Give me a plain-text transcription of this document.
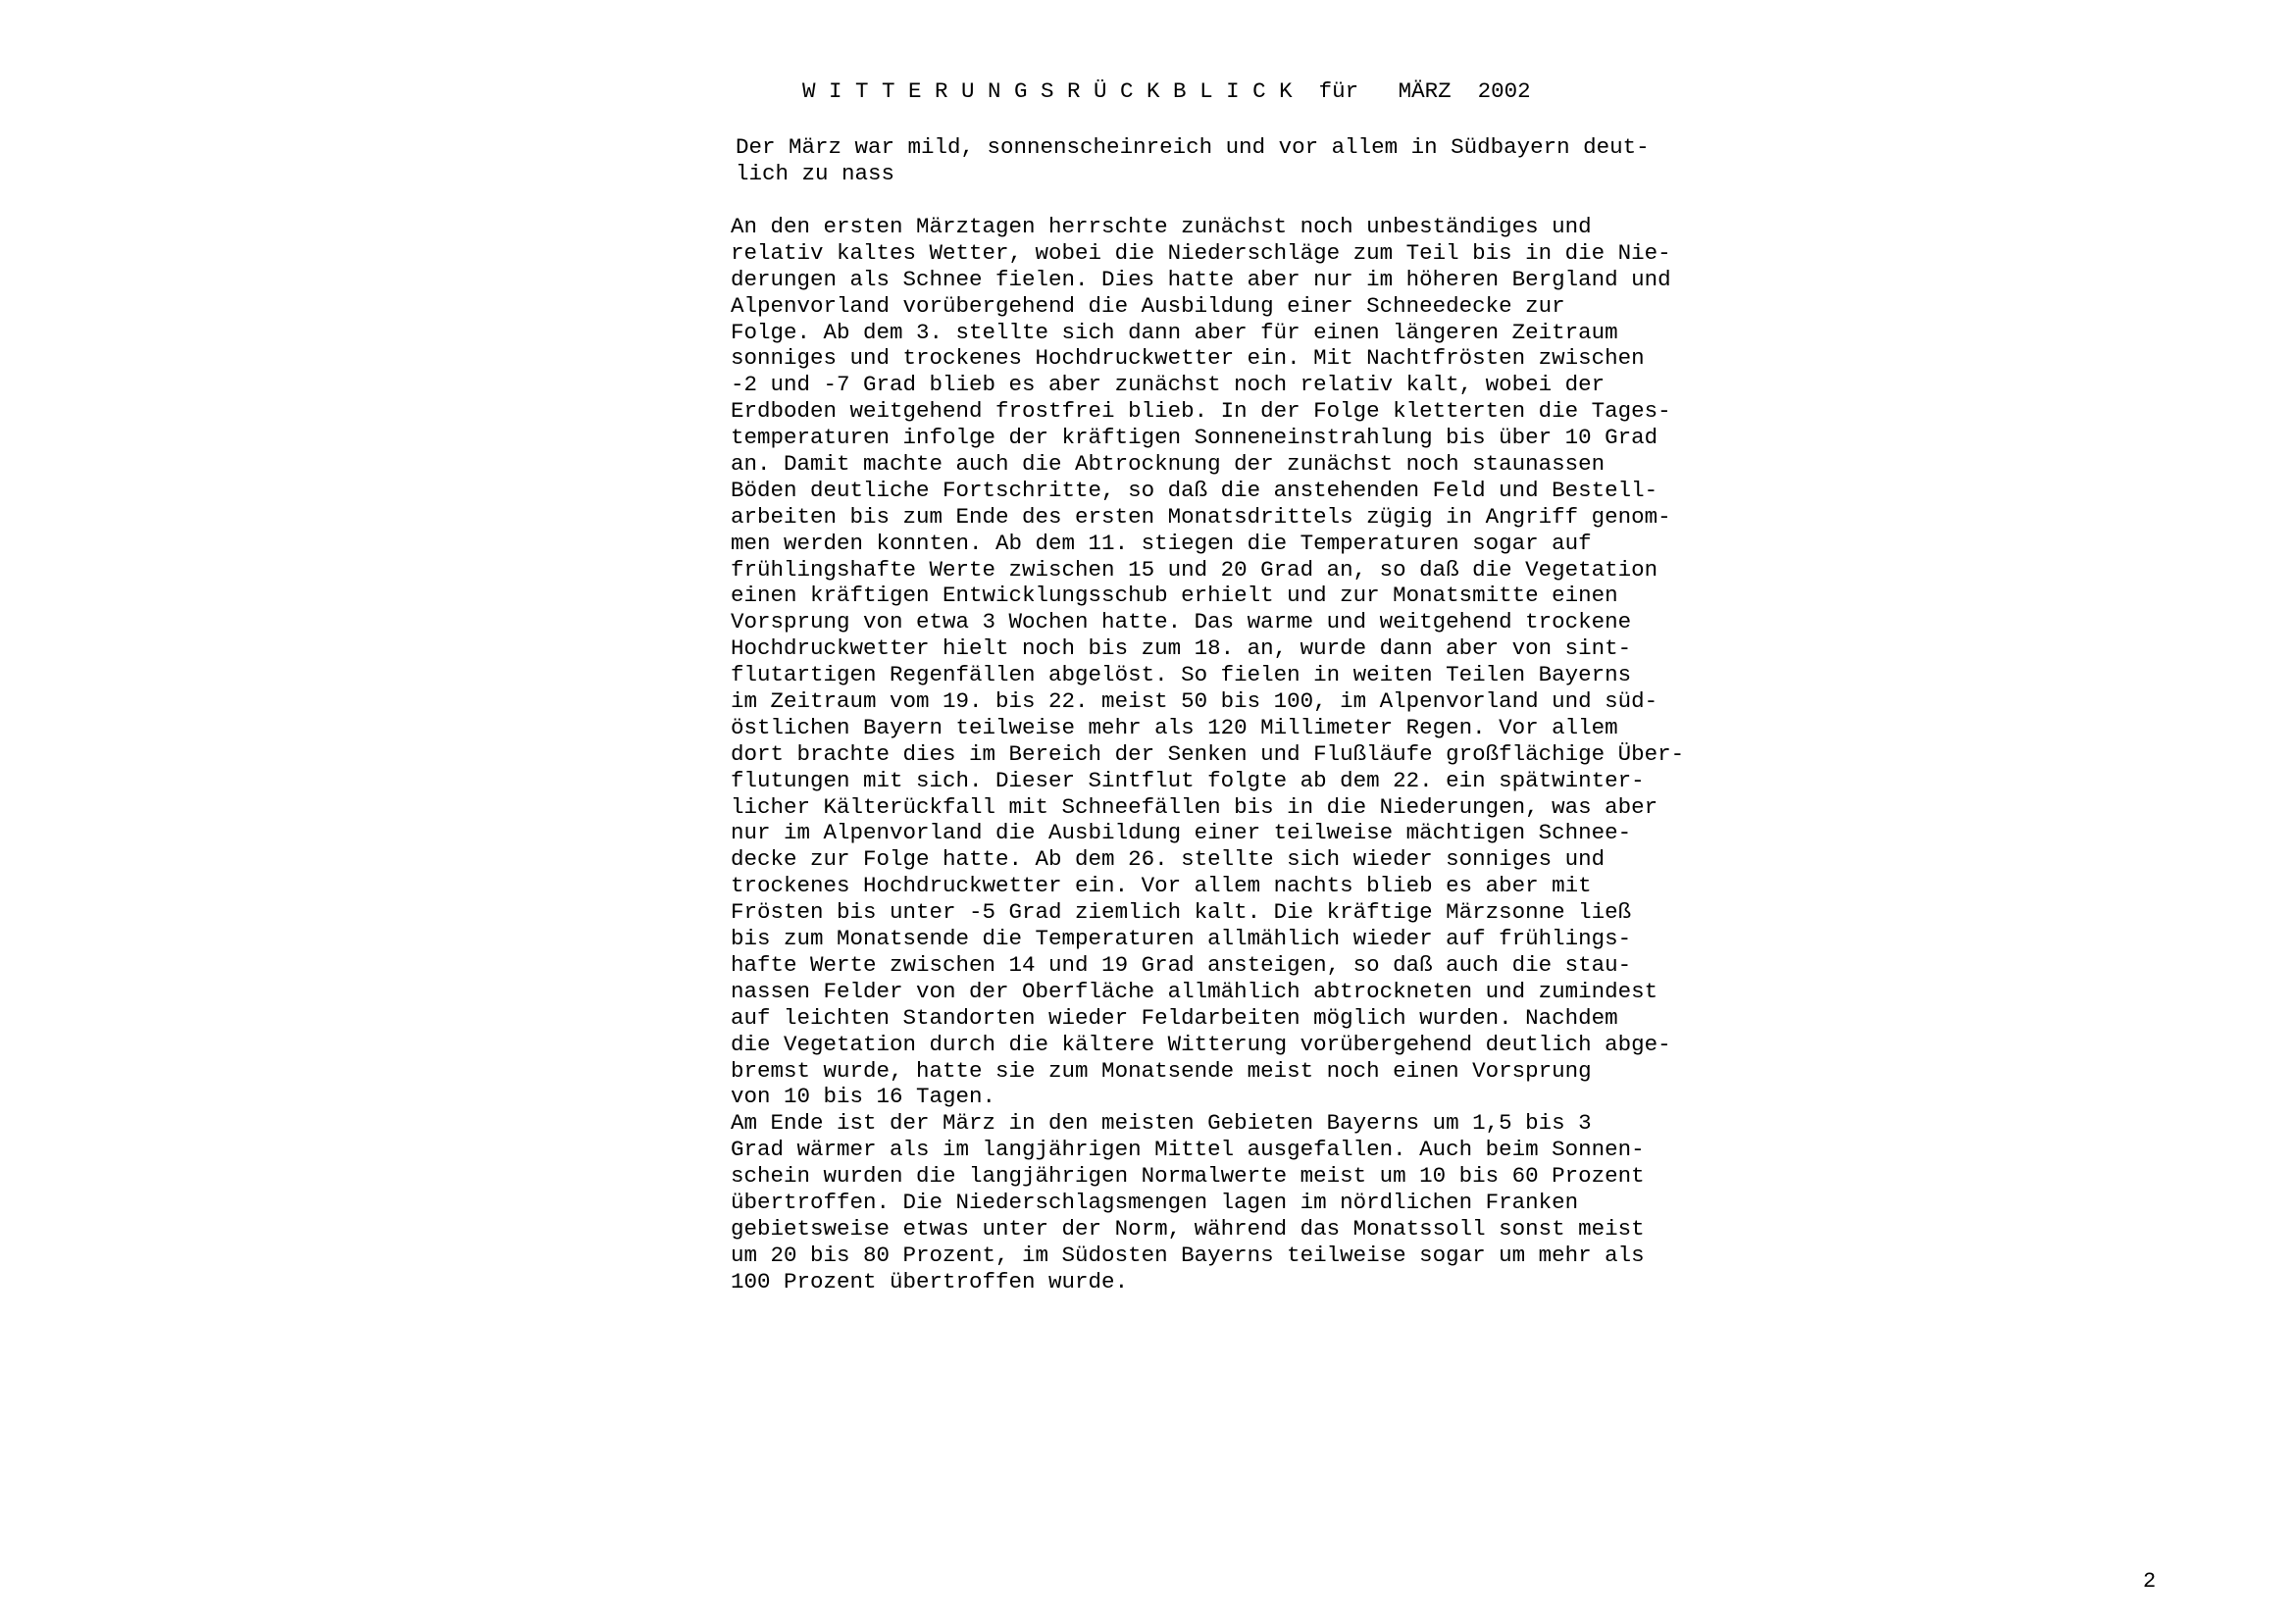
W I T T E R U N G S R Ü C K B L I C K  für   MÄRZ  2002
Der März war mild, sonnenscheinreich und vor allem in Südbayern deut-
lich zu nass
An den ersten Märztagen herrschte zunächst noch unbeständiges und
relativ kaltes Wetter, wobei die Niederschläge zum Teil bis in die Nie-
derungen als Schnee fielen. Dies hatte aber nur im höheren Bergland und
Alpenvorland vorübergehend die Ausbildung einer Schneedecke zur
Folge. Ab dem 3. stellte sich dann aber für einen längeren Zeitraum
sonniges und trockenes Hochdruckwetter ein. Mit Nachtfrösten zwischen
-2 und -7 Grad blieb es aber zunächst noch relativ kalt, wobei der
Erdboden weitgehend frostfrei blieb. In der Folge kletterten die Tages-
temperaturen infolge der kräftigen Sonneneinstrahlung bis über 10 Grad
an. Damit machte auch die Abtrocknung der zunächst noch staunassen
Böden deutliche Fortschritte, so daß die anstehenden Feld und Bestell-
arbeiten bis zum Ende des ersten Monatsdrittels zügig in Angriff genom-
men werden konnten. Ab dem 11. stiegen die Temperaturen sogar auf
frühlingshafte Werte zwischen 15 und 20 Grad an, so daß die Vegetation
einen kräftigen Entwicklungsschub erhielt und zur Monatsmitte einen
Vorsprung von etwa 3 Wochen hatte. Das warme und weitgehend trockene
Hochdruckwetter hielt noch bis zum 18. an, wurde dann aber von sint-
flutartigen Regenfällen abgelöst. So fielen in weiten Teilen Bayerns
im Zeitraum vom 19. bis 22. meist 50 bis 100, im Alpenvorland und süd-
östlichen Bayern teilweise mehr als 120 Millimeter Regen. Vor allem
dort brachte dies im Bereich der Senken und Flußläufe großflächige Über-
flutungen mit sich. Dieser Sintflut folgte ab dem 22. ein spätwinter-
licher Kälterückfall mit Schneefällen bis in die Niederungen, was aber
nur im Alpenvorland die Ausbildung einer teilweise mächtigen Schnee-
decke zur Folge hatte. Ab dem 26. stellte sich wieder sonniges und
trockenes Hochdruckwetter ein. Vor allem nachts blieb es aber mit
Frösten bis unter -5 Grad ziemlich kalt. Die kräftige Märzsonne ließ
bis zum Monatsende die Temperaturen allmählich wieder auf frühlings-
hafte Werte zwischen 14 und 19 Grad ansteigen, so daß auch die stau-
nassen Felder von der Oberfläche allmählich abtrockneten und zumindest
auf leichten Standorten wieder Feldarbeiten möglich wurden. Nachdem
die Vegetation durch die kältere Witterung vorübergehend deutlich abge-
bremst wurde, hatte sie zum Monatsende meist noch einen Vorsprung
von 10 bis 16 Tagen.
Am Ende ist der März in den meisten Gebieten Bayerns um 1,5 bis 3
Grad wärmer als im langjährigen Mittel ausgefallen. Auch beim Sonnen-
schein wurden die langjährigen Normalwerte meist um 10 bis 60 Prozent
übertroffen. Die Niederschlagsmengen lagen im nördlichen Franken
gebietsweise etwas unter der Norm, während das Monatssoll sonst meist
um 20 bis 80 Prozent, im Südosten Bayerns teilweise sogar um mehr als
100 Prozent übertroffen wurde.
2
